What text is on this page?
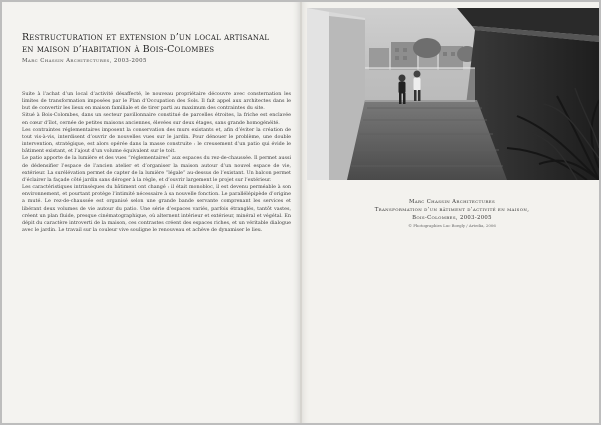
Restructuration et extension d’un local artisanal
en maison d’habitation à Bois-Colombes
Marc Chassin Architectures, 2003-2005

Suite à l’achat d’un local d’activité désaffecté, le nouveau propriétaire découvre avec consternation les limites de transformation imposées par le Plan d’Occupation des Sols. Il fait appel aux architectes dans le but de convertir les lieux en maison familiale et de tirer parti au maximum des contraintes du site.

Situé à Bois-Colombes, dans un secteur pavillonnaire constitué de parcelles étroites, la friche est enclavée en cœur d’îlot, cernée de petites maisons anciennes, élevées sur deux étages, sans grande homogénéité.

Les contraintes réglementaires imposent la conservation des murs existants et, afin d’éviter la création de tout vis-à-vis, interdisent d’ouvrir de nouvelles vues sur le jardin. Pour dénouer le problème, une double intervention, stratégique, est alors opérée dans la masse construite : le creusement d’un patio qui évide le bâtiment existant, et l’ajout d’un volume équivalent sur le toit.

Le patio apporte de la lumière et des vues “réglementaires” aux espaces du rez-de-chaussée. Il permet aussi de dédensifier l’espace de l’ancien atelier et d’organiser la maison autour d’un nouvel espace de vie, extérieur. La surélévation permet de capter de la lumière “légale” au-dessus de l’existant. Un balcon permet d’éclairer la façade côté jardin sans déroger à la règle, et d’ouvrir largement le projet sur l’extérieur.

Les caractéristiques intrinsèques du bâtiment ont changé : il était monobloc, il est devenu perméable à son environnement, et pourtant protège l’intimité nécessaire à sa nouvelle fonction. Le parallélépipède d’origine a muté. Le rez-de-chaussée est organisé selon une grande bande servante comprenant les services et libérant deux volumes de vie autour du patio. Une série d’espaces variés, parfois étranglés, tantôt vastes, créent un plan fluide, presque cinématographique, où alternent intérieur et extérieur, minéral et végétal. En dépit du caractère introverti de la maison, ces contrastes créent des espaces riches, et un véritable dialogue avec le jardin. Le travail sur la couleur vive souligne le renouveau et achève de dynamiser le lieu.

Marc Chassin Architectures
Transformation d’un bâtiment d’activité en maison,
Bois-Colombes, 2003-2005
© Photographies Luc Boegly / Artedia, 2006
